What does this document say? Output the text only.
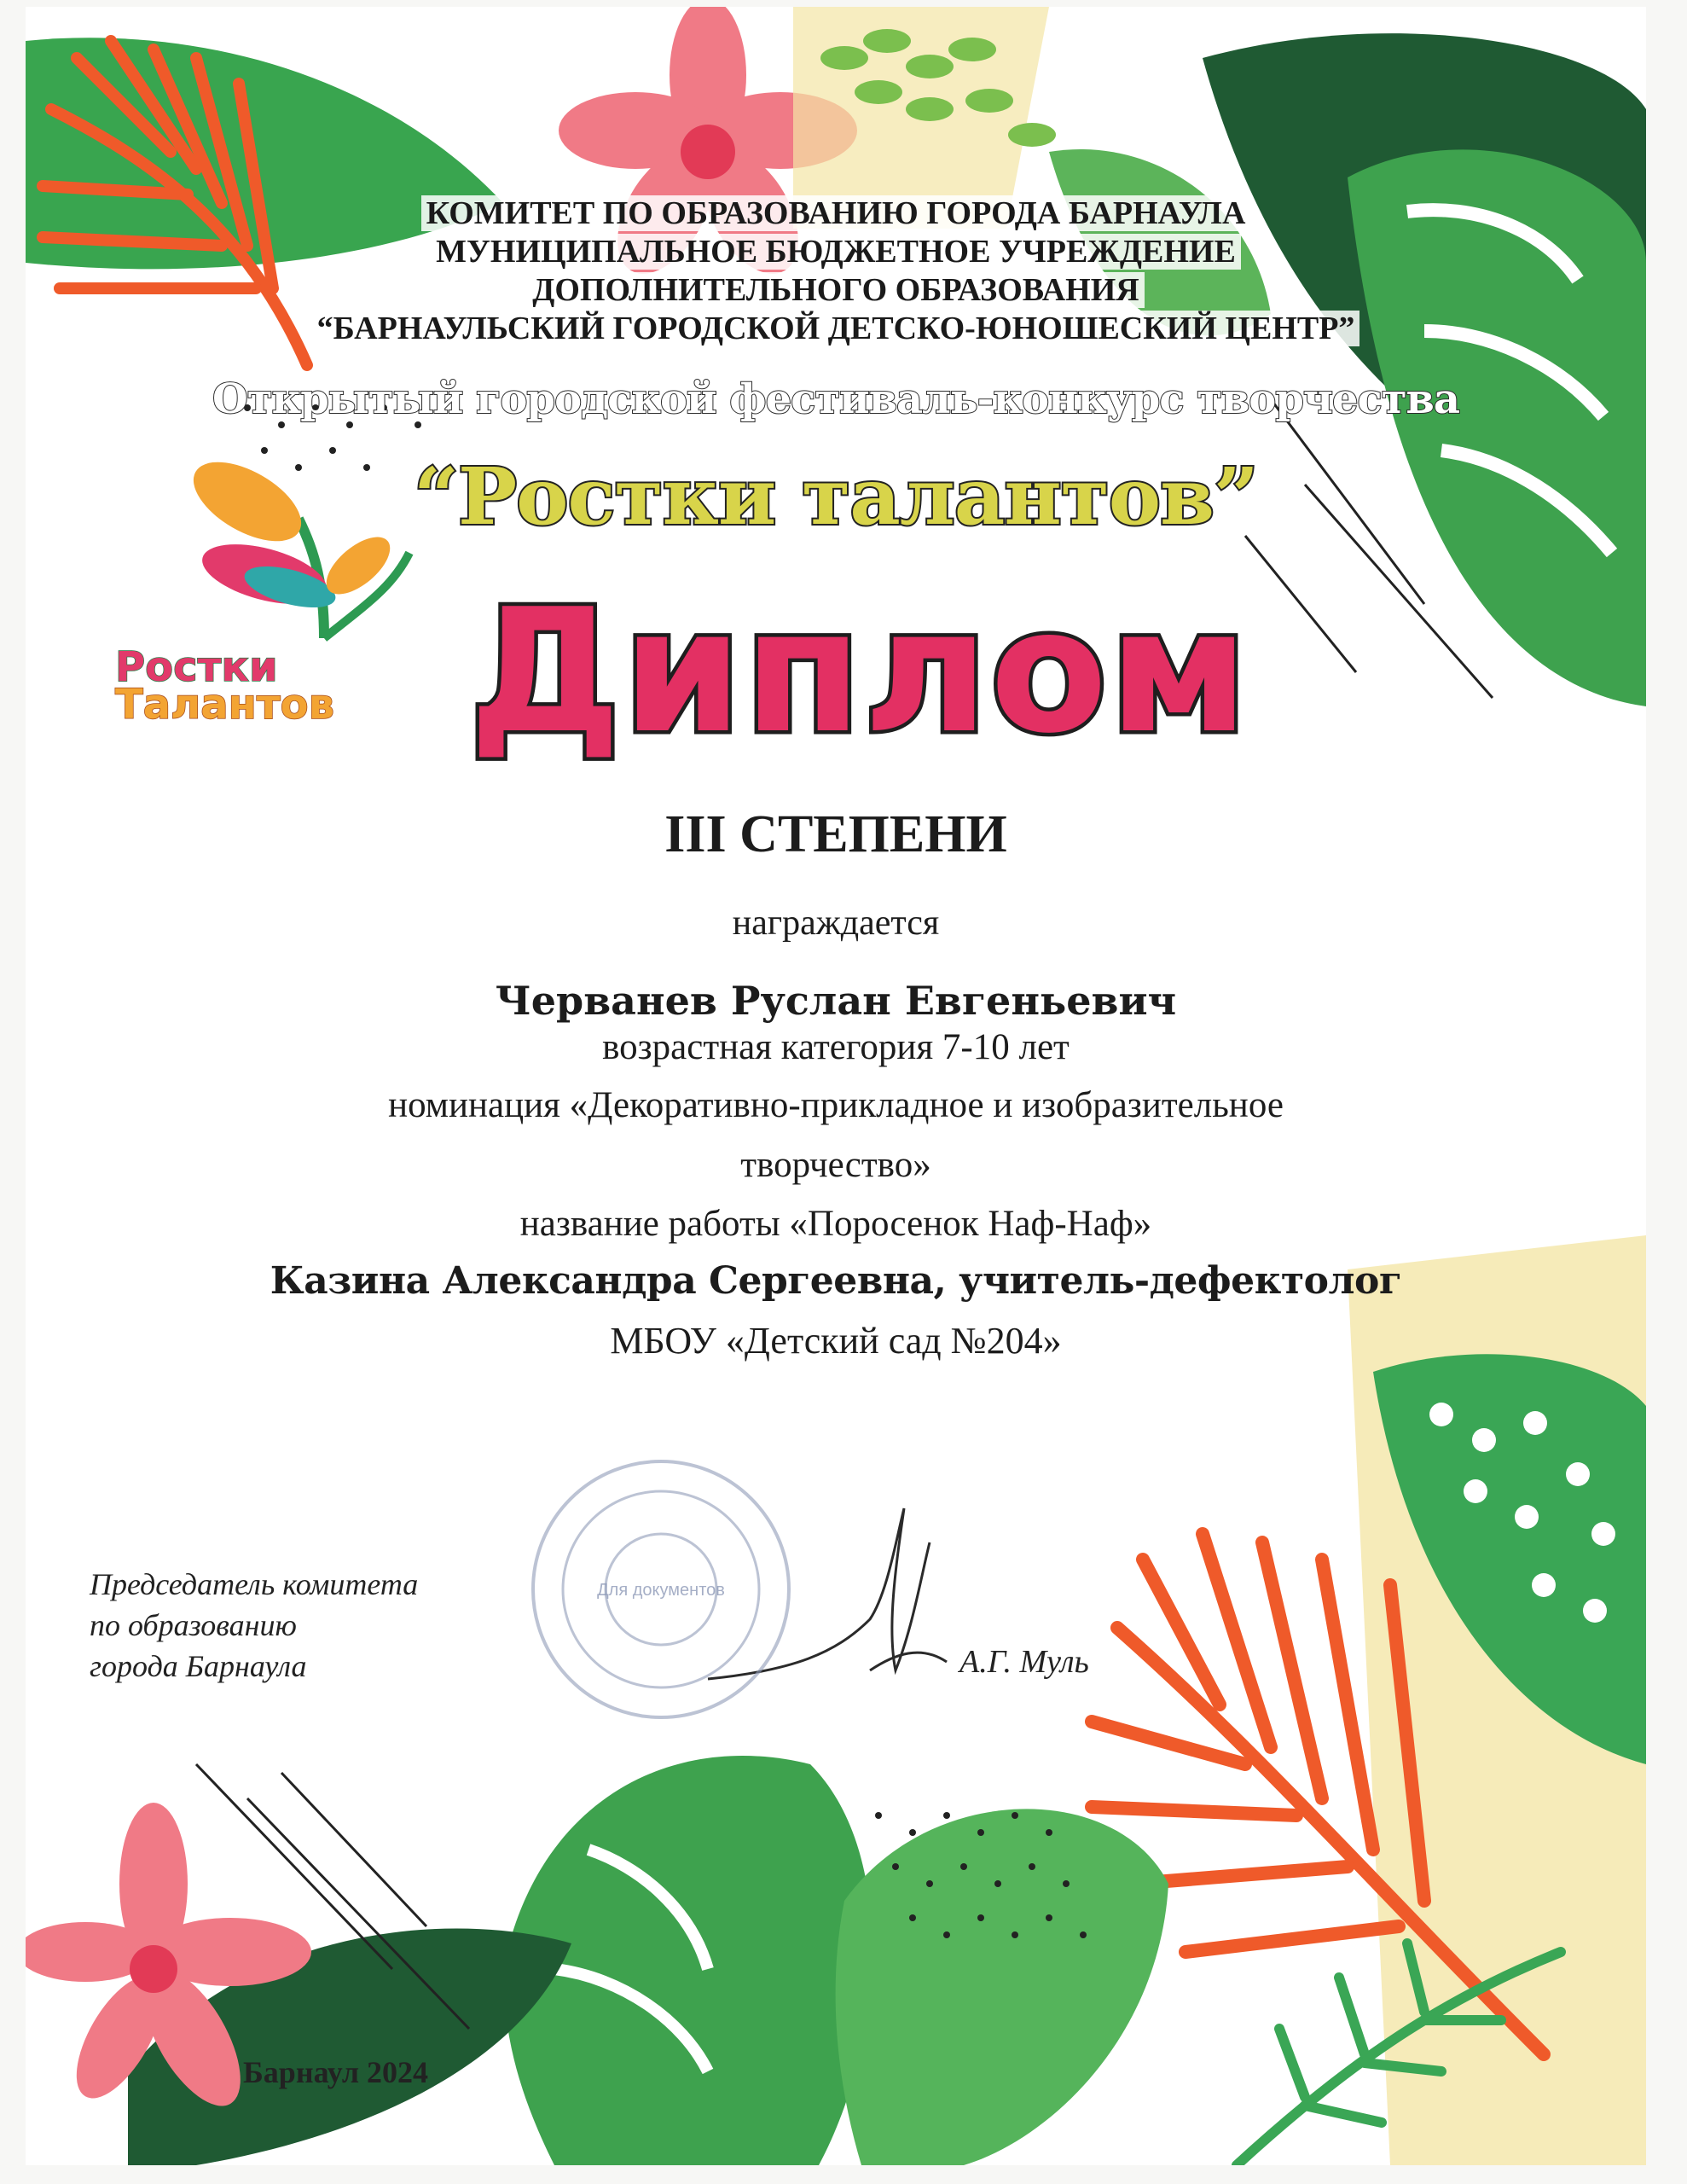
КОМИТЕТ ПО ОБРАЗОВАНИЮ ГОРОДА БАРНАУЛА
МУНИЦИПАЛЬНОЕ БЮДЖЕТНОЕ УЧРЕЖДЕНИЕ
ДОПОЛНИТЕЛЬНОГО ОБРАЗОВАНИЯ
“БАРНАУЛЬСКИЙ ГОРОДСКОЙ ДЕТСКО-ЮНОШЕСКИЙ ЦЕНТР”
Открытый городской фестиваль-конкурс творчества
“Ростки талантов”
Ростки
Талантов Диплом
III СТЕПЕНИ
награждается
Черванев Руслан Евгеньевич
возрастная категория 7-10 лет
номинация «Декоративно-прикладное и изобразительное
творчество»
название работы «Поросенок Наф-Наф»
Казина Александра Сергеевна, учитель-дефектолог
МБОУ «Детский сад №204»
Председатель комитета
по образованию
города Барнаула
Для документов
А.Г. Муль
Барнаул 2024
